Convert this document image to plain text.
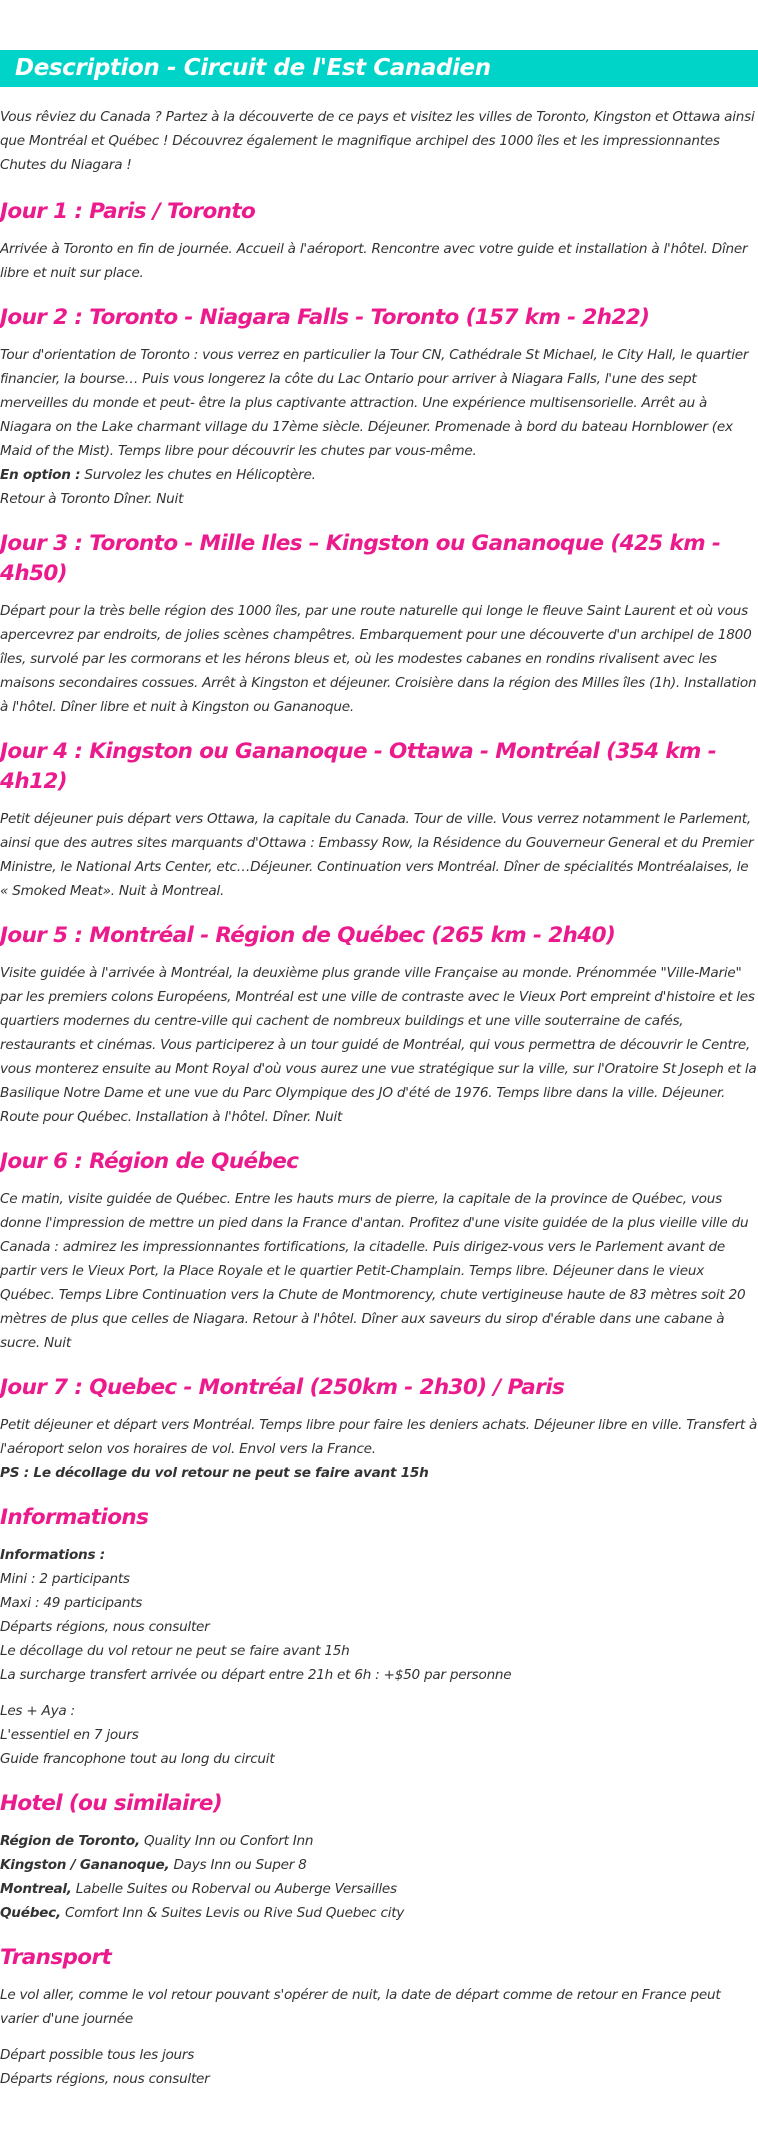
Description - Circuit de l'Est Canadien

Vous rêviez du Canada ? Partez à la découverte de ce pays et visitez les villes de Toronto, Kingston et Ottawa ainsi que Montréal et Québec ! Découvrez également le magnifique archipel des 1000 îles et les impressionnantes Chutes du Niagara !

Jour 1 : Paris / Toronto

Arrivée à Toronto en fin de journée. Accueil à l'aéroport. Rencontre avec votre guide et installation à l'hôtel. Dîner libre et nuit sur place.

Jour 2 : Toronto - Niagara Falls - Toronto (157 km - 2h22)

Tour d'orientation de Toronto : vous verrez en particulier la Tour CN, Cathédrale St Michael, le City Hall, le quartier financier, la bourse… Puis vous longerez la côte du Lac Ontario pour arriver à Niagara Falls, l'une des sept merveilles du monde et peut- être la plus captivante attraction. Une expérience multisensorielle. Arrêt au à Niagara on the Lake charmant village du 17ème siècle. Déjeuner. Promenade à bord du bateau Hornblower (ex Maid of the Mist). Temps libre pour découvrir les chutes par vous-même.
En option : Survolez les chutes en Hélicoptère.
Retour à Toronto Dîner. Nuit

Jour 3 : Toronto - Mille Iles – Kingston ou Gananoque (425 km - 4h50)

Départ pour la très belle région des 1000 îles, par une route naturelle qui longe le fleuve Saint Laurent et où vous apercevrez par endroits, de jolies scènes champêtres. Embarquement pour une découverte d'un archipel de 1800 îles, survolé par les cormorans et les hérons bleus et, où les modestes cabanes en rondins rivalisent avec les maisons secondaires cossues. Arrêt à Kingston et déjeuner. Croisière dans la région des Milles îles (1h). Installation à l'hôtel. Dîner libre et nuit à Kingston ou Gananoque.

Jour 4 : Kingston ou Gananoque - Ottawa - Montréal (354 km - 4h12)

Petit déjeuner puis départ vers Ottawa, la capitale du Canada. Tour de ville. Vous verrez notamment le Parlement, ainsi que des autres sites marquants d'Ottawa : Embassy Row, la Résidence du Gouverneur General et du Premier Ministre, le National Arts Center, etc…Déjeuner. Continuation vers Montréal. Dîner de spécialités Montréalaises, le « Smoked Meat». Nuit à Montreal.

Jour 5 : Montréal - Région de Québec (265 km - 2h40)

Visite guidée à l'arrivée à Montréal, la deuxième plus grande ville Française au monde. Prénommée "Ville-Marie" par les premiers colons Européens, Montréal est une ville de contraste avec le Vieux Port empreint d'histoire et les quartiers modernes du centre-ville qui cachent de nombreux buildings et une ville souterraine de cafés, restaurants et cinémas. Vous participerez à un tour guidé de Montréal, qui vous permettra de découvrir le Centre, vous monterez ensuite au Mont Royal d'où vous aurez une vue stratégique sur la ville, sur l'Oratoire St Joseph et la Basilique Notre Dame et une vue du Parc Olympique des JO d'été de 1976. Temps libre dans la ville. Déjeuner. Route pour Québec. Installation à l'hôtel. Dîner. Nuit

Jour 6 : Région de Québec

Ce matin, visite guidée de Québec. Entre les hauts murs de pierre, la capitale de la province de Québec, vous donne l'impression de mettre un pied dans la France d'antan. Profitez d'une visite guidée de la plus vieille ville du Canada : admirez les impressionnantes fortifications, la citadelle. Puis dirigez-vous vers le Parlement avant de partir vers le Vieux Port, la Place Royale et le quartier Petit-Champlain. Temps libre. Déjeuner dans le vieux Québec. Temps Libre Continuation vers la Chute de Montmorency, chute vertigineuse haute de 83 mètres soit 20 mètres de plus que celles de Niagara. Retour à l'hôtel. Dîner aux saveurs du sirop d'érable dans une cabane à sucre. Nuit

Jour 7 : Quebec - Montréal (250km - 2h30) / Paris

Petit déjeuner et départ vers Montréal. Temps libre pour faire les deniers achats. Déjeuner libre en ville. Transfert à l'aéroport selon vos horaires de vol. Envol vers la France.
PS : Le décollage du vol retour ne peut se faire avant 15h

Informations

Informations :
Mini : 2 participants
Maxi : 49 participants
Départs régions, nous consulter
Le décollage du vol retour ne peut se faire avant 15h
La surcharge transfert arrivée ou départ entre 21h et 6h : +$50 par personne

Les + Aya :
L'essentiel en 7 jours
Guide francophone tout au long du circuit

Hotel (ou similaire)

Région de Toronto, Quality Inn ou Confort Inn
Kingston / Gananoque, Days Inn ou Super 8
Montreal, Labelle Suites ou Roberval ou Auberge Versailles
Québec, Comfort Inn & Suites Levis ou Rive Sud Quebec city

Transport

Le vol aller, comme le vol retour pouvant s'opérer de nuit, la date de départ comme de retour en France peut varier d'une journée

Départ possible tous les jours
Départs régions, nous consulter
